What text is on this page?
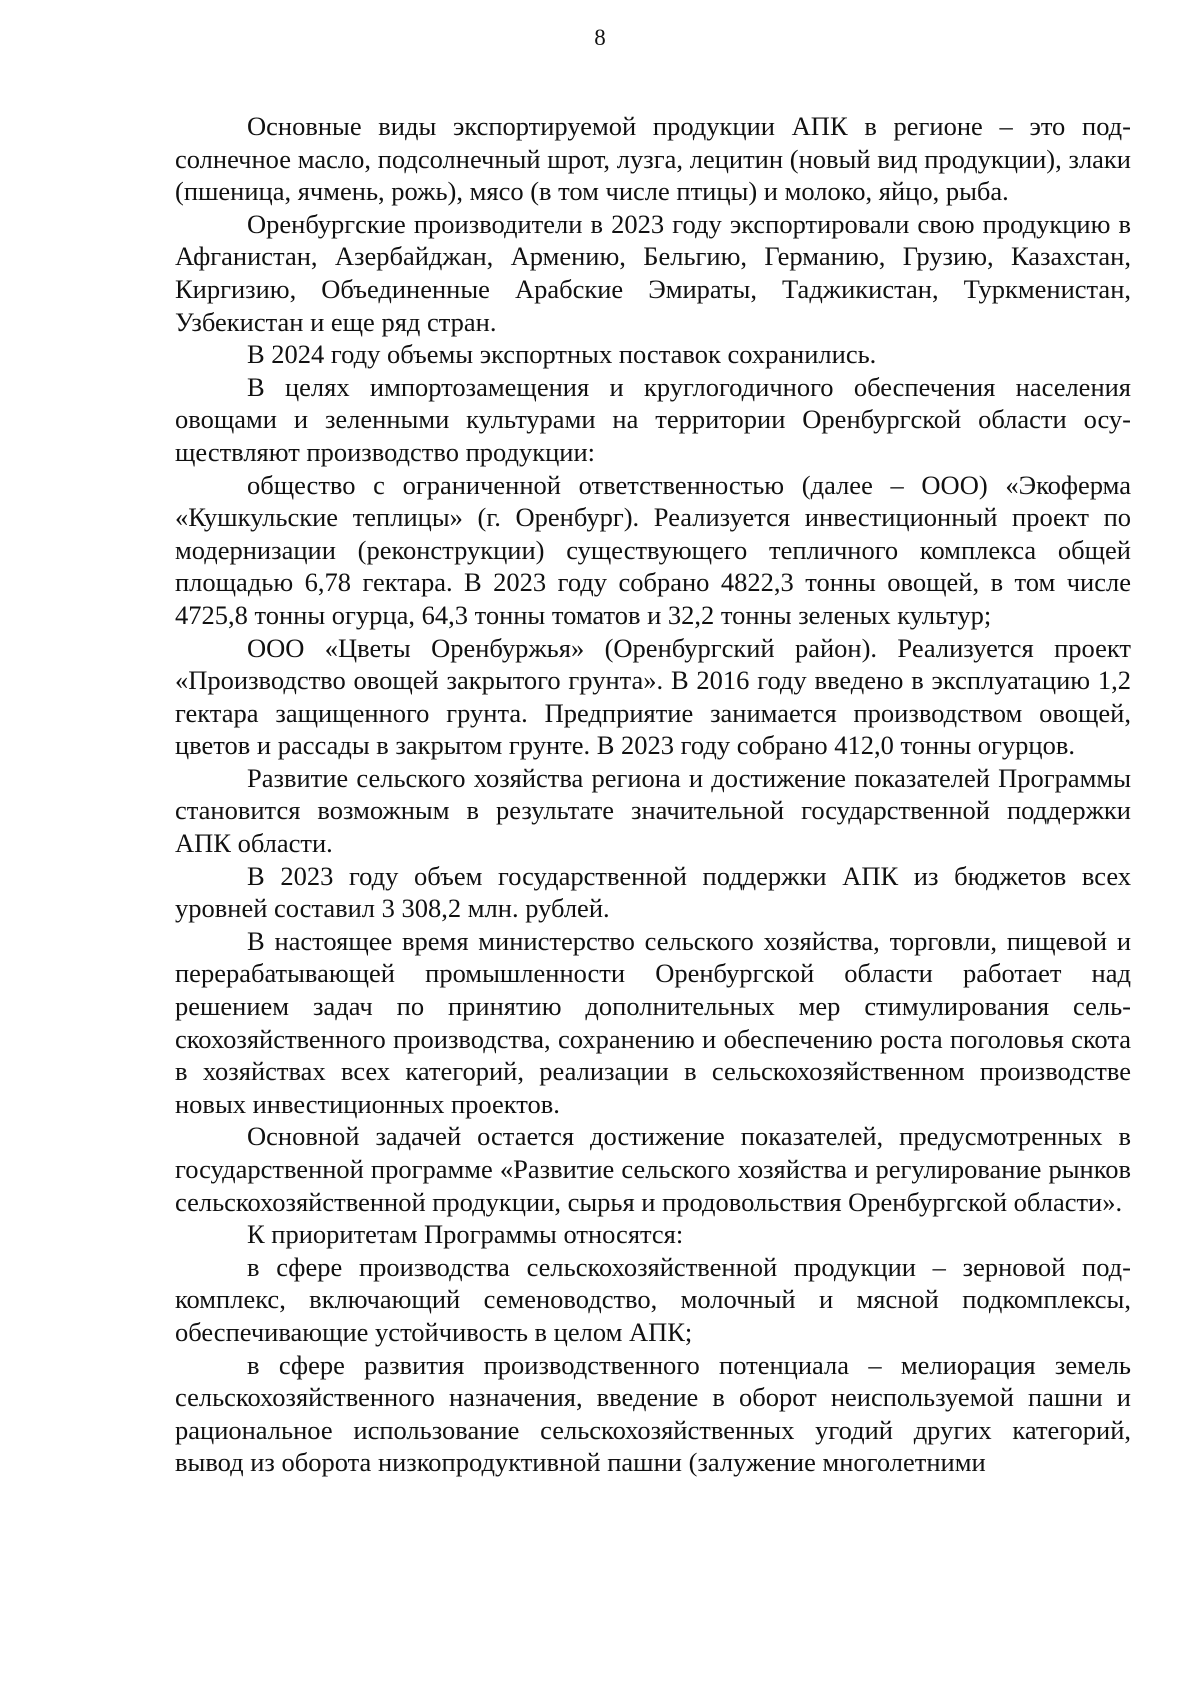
8

Основные виды экспортируемой продукции АПК в регионе – это подсолнечное масло, подсолнечный шрот, лузга, лецитин (новый вид продукции), злаки (пшеница, ячмень, рожь), мясо (в том числе птицы) и молоко, яйцо, рыба.

Оренбургские производители в 2023 году экспортировали свою продукцию в Афганистан, Азербайджан, Армению, Бельгию, Германию, Грузию, Казахстан, Киргизию, Объединенные Арабские Эмираты, Таджикистан, Туркменистан, Узбекистан и еще ряд стран.

В 2024 году объемы экспортных поставок сохранились.

В целях импортозамещения и круглогодичного обеспечения населения овощами и зеленными культурами на территории Оренбургской области осуществляют производство продукции:

общество с ограниченной ответственностью (далее – ООО) «Экоферма «Кушкульские теплицы» (г. Оренбург). Реализуется инвестиционный проект по модернизации (реконструкции) существующего тепличного комплекса общей площадью 6,78 гектара. В 2023 году собрано 4822,3 тонны овощей, в том числе 4725,8 тонны огурца, 64,3 тонны томатов и 32,2 тонны зеленых культур;

ООО «Цветы Оренбуржья» (Оренбургский район). Реализуется проект «Производство овощей закрытого грунта». В 2016 году введено в эксплуатацию 1,2 гектара защищенного грунта. Предприятие занимается производством овощей, цветов и рассады в закрытом грунте. В 2023 году собрано 412,0 тонны огурцов.

Развитие сельского хозяйства региона и достижение показателей Программы становится возможным в результате значительной государственной поддержки АПК области.

В 2023 году объем государственной поддержки АПК из бюджетов всех уровней составил 3 308,2 млн. рублей.

В настоящее время министерство сельского хозяйства, торговли, пищевой и перерабатывающей промышленности Оренбургской области работает над решением задач по принятию дополнительных мер стимулирования сельскохозяйственного производства, сохранению и обеспечению роста поголовья скота в хозяйствах всех категорий, реализации в сельскохозяйственном производстве новых инвестиционных проектов.

Основной задачей остается достижение показателей, предусмотренных в государственной программе «Развитие сельского хозяйства и регулирование рынков сельскохозяйственной продукции, сырья и продовольствия Оренбургской области».

К приоритетам Программы относятся:

в сфере производства сельскохозяйственной продукции – зерновой подкомплекс, включающий семеноводство, молочный и мясной подкомплексы, обеспечивающие устойчивость в целом АПК;

в сфере развития производственного потенциала – мелиорация земель сельскохозяйственного назначения, введение в оборот неиспользуемой пашни и рациональное использование сельскохозяйственных угодий других категорий, вывод из оборота низкопродуктивной пашни (залужение многолетними
